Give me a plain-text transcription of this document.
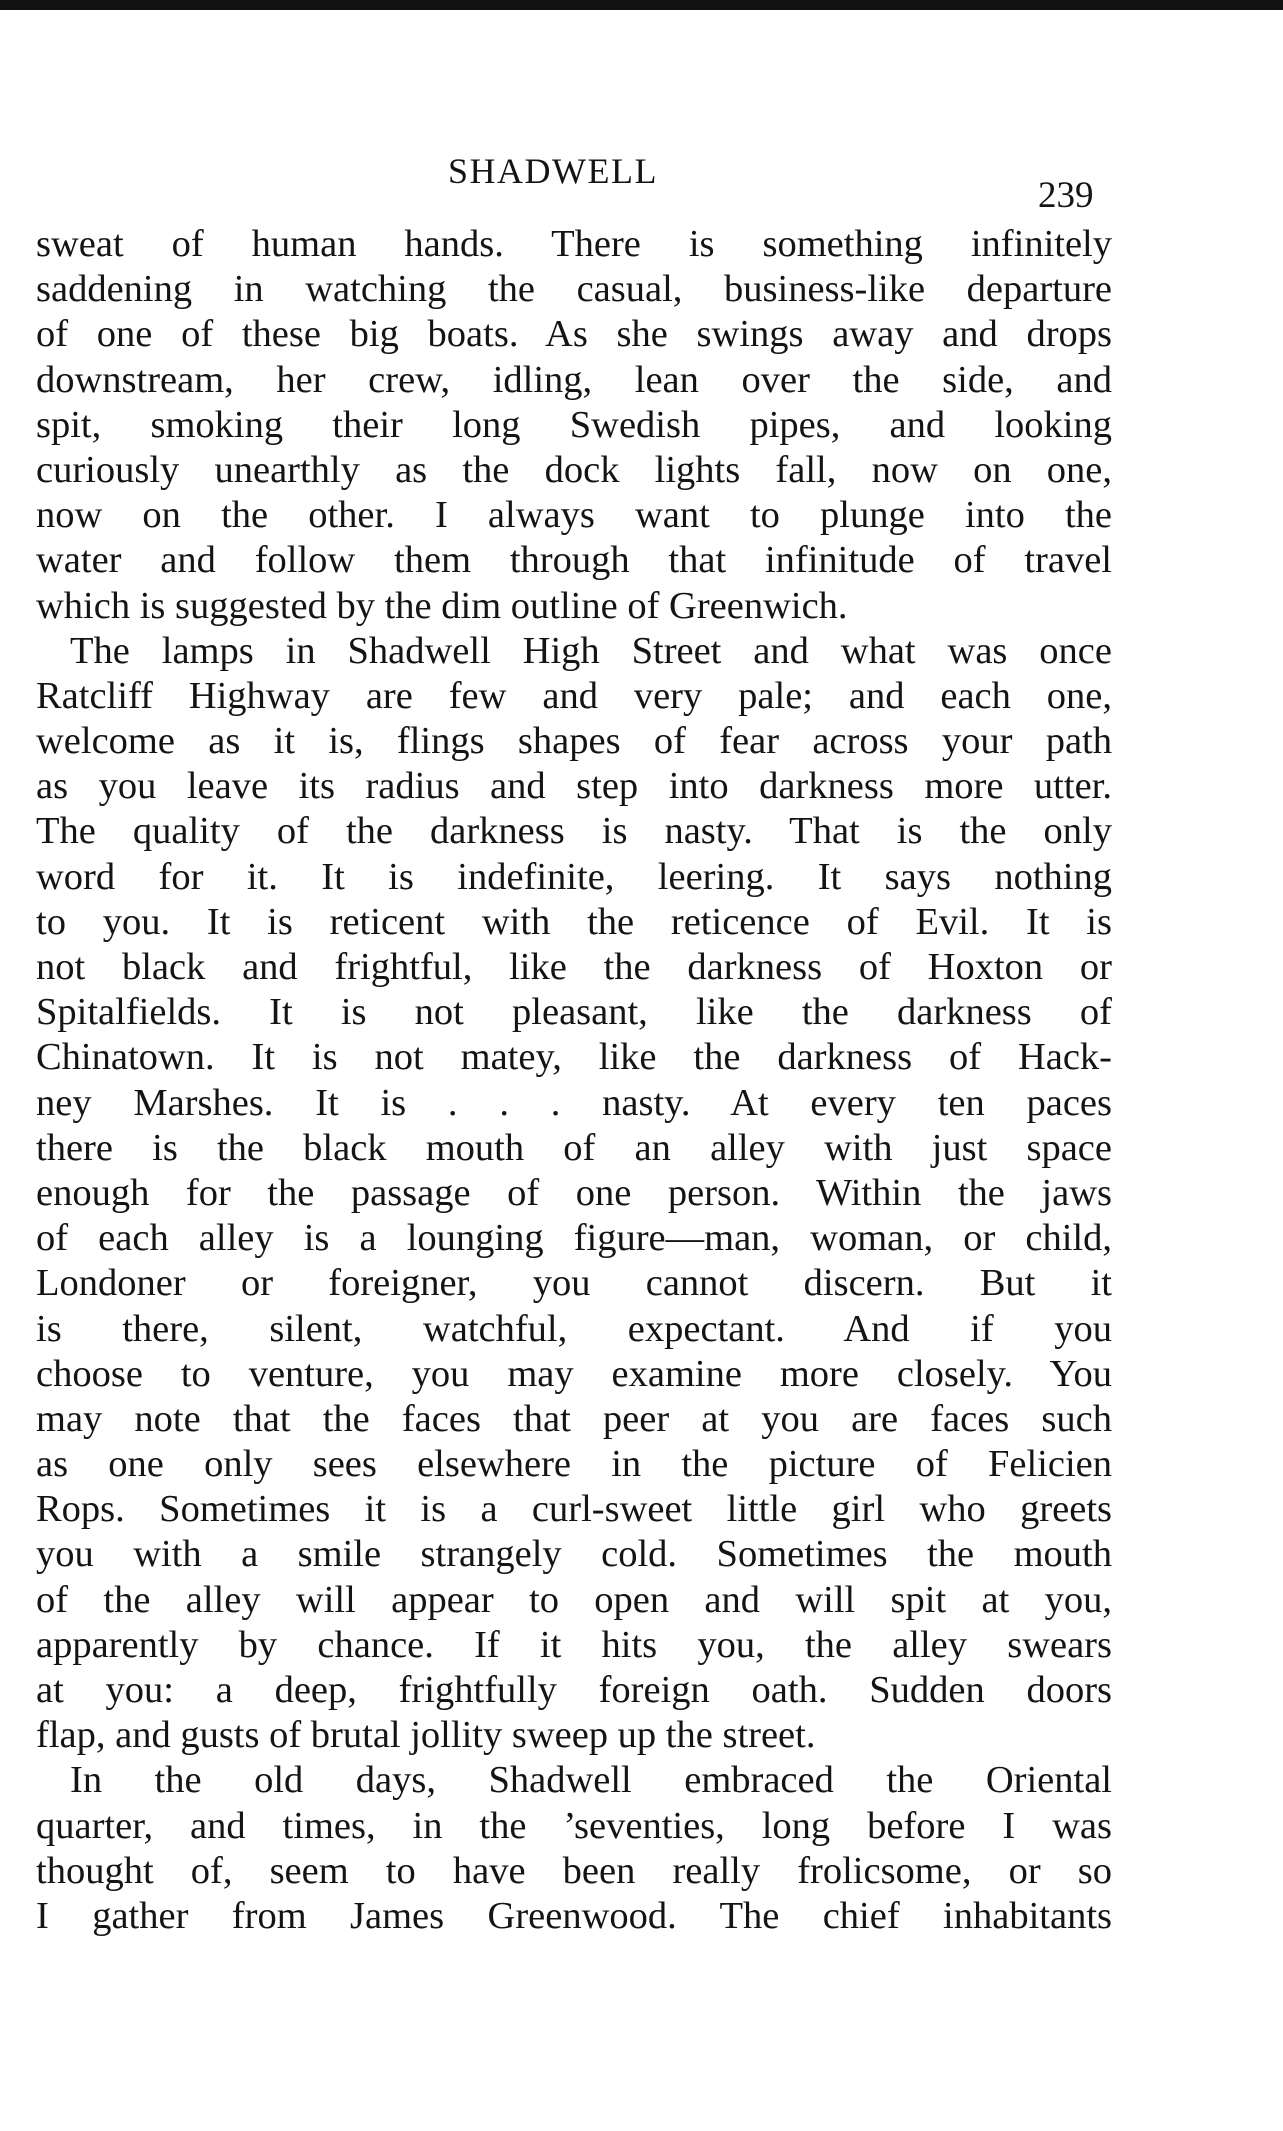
SHADWELL
239
sweat of human hands. There is something infinitely
saddening in watching the casual, business-like departure
of one of these big boats. As she swings away and drops
downstream, her crew, idling, lean over the side, and
spit, smoking their long Swedish pipes, and looking
curiously unearthly as the dock lights fall, now on one,
now on the other. I always want to plunge into the
water and follow them through that infinitude of travel
which is suggested by the dim outline of Greenwich.
The lamps in Shadwell High Street and what was once
Ratcliff Highway are few and very pale; and each one,
welcome as it is, flings shapes of fear across your path
as you leave its radius and step into darkness more utter.
The quality of the darkness is nasty. That is the only
word for it. It is indefinite, leering. It says nothing
to you. It is reticent with the reticence of Evil. It is
not black and frightful, like the darkness of Hoxton or
Spitalfields. It is not pleasant, like the darkness of
Chinatown. It is not matey, like the darkness of Hack-
ney Marshes. It is . . . nasty. At every ten paces
there is the black mouth of an alley with just space
enough for the passage of one person. Within the jaws
of each alley is a lounging figure—man, woman, or child,
Londoner or foreigner, you cannot discern. But it
is there, silent, watchful, expectant. And if you
choose to venture, you may examine more closely. You
may note that the faces that peer at you are faces such
as one only sees elsewhere in the picture of Felicien
Rops. Sometimes it is a curl-sweet little girl who greets
you with a smile strangely cold. Sometimes the mouth
of the alley will appear to open and will spit at you,
apparently by chance. If it hits you, the alley swears
at you: a deep, frightfully foreign oath. Sudden doors
flap, and gusts of brutal jollity sweep up the street.
In the old days, Shadwell embraced the Oriental
quarter, and times, in the ’seventies, long before I was
thought of, seem to have been really frolicsome, or so
I gather from James Greenwood. The chief inhabitants
